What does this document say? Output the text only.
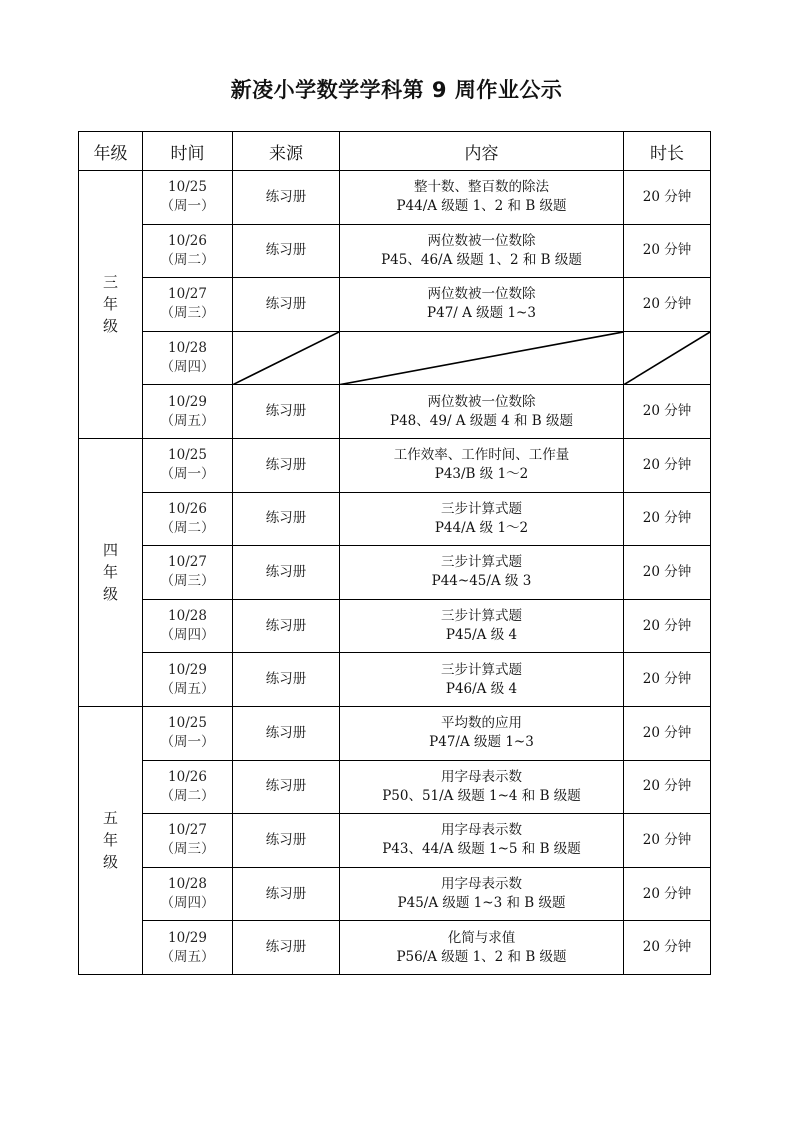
新凌小学数学学科第 9 周作业公示
年级	时间	来源	内容	时长

三
年
级	10/25
（周一）	练习册	整十数、整百数的除法
P44/A 级题 1、2 和 B 级题	20 分钟

	10/26
（周二）	练习册	两位数被一位数除
P45、46/A 级题 1、2 和 B 级题	20 分钟

	10/27
（周三）	练习册	两位数被一位数除
P47/ A 级题 1~3	20 分钟

	10/28
（周四）

	10/29
（周五）	练习册	两位数被一位数除
P48、49/ A 级题 4 和 B 级题	20 分钟

四
年
级	10/25
（周一）	练习册	工作效率、工作时间、工作量
P43/B 级 1～2	20 分钟

	10/26
（周二）	练习册	三步计算式题
P44/A 级 1～2	20 分钟

	10/27
（周三）	练习册	三步计算式题
P44~45/A 级 3	20 分钟

	10/28
（周四）	练习册	三步计算式题
P45/A 级 4	20 分钟

	10/29
（周五）	练习册	三步计算式题
P46/A 级 4	20 分钟

五
年
级	10/25
（周一）	练习册	平均数的应用
P47/A 级题 1~3	20 分钟

	10/26
（周二）	练习册	用字母表示数
P50、51/A 级题 1~4 和 B 级题	20 分钟

	10/27
（周三）	练习册	用字母表示数
P43、44/A 级题 1~5 和 B 级题	20 分钟

	10/28
（周四）	练习册	用字母表示数
P45/A 级题 1~3 和 B 级题	20 分钟

	10/29
（周五）	练习册	化简与求值
P56/A 级题 1、2 和 B 级题	20 分钟
